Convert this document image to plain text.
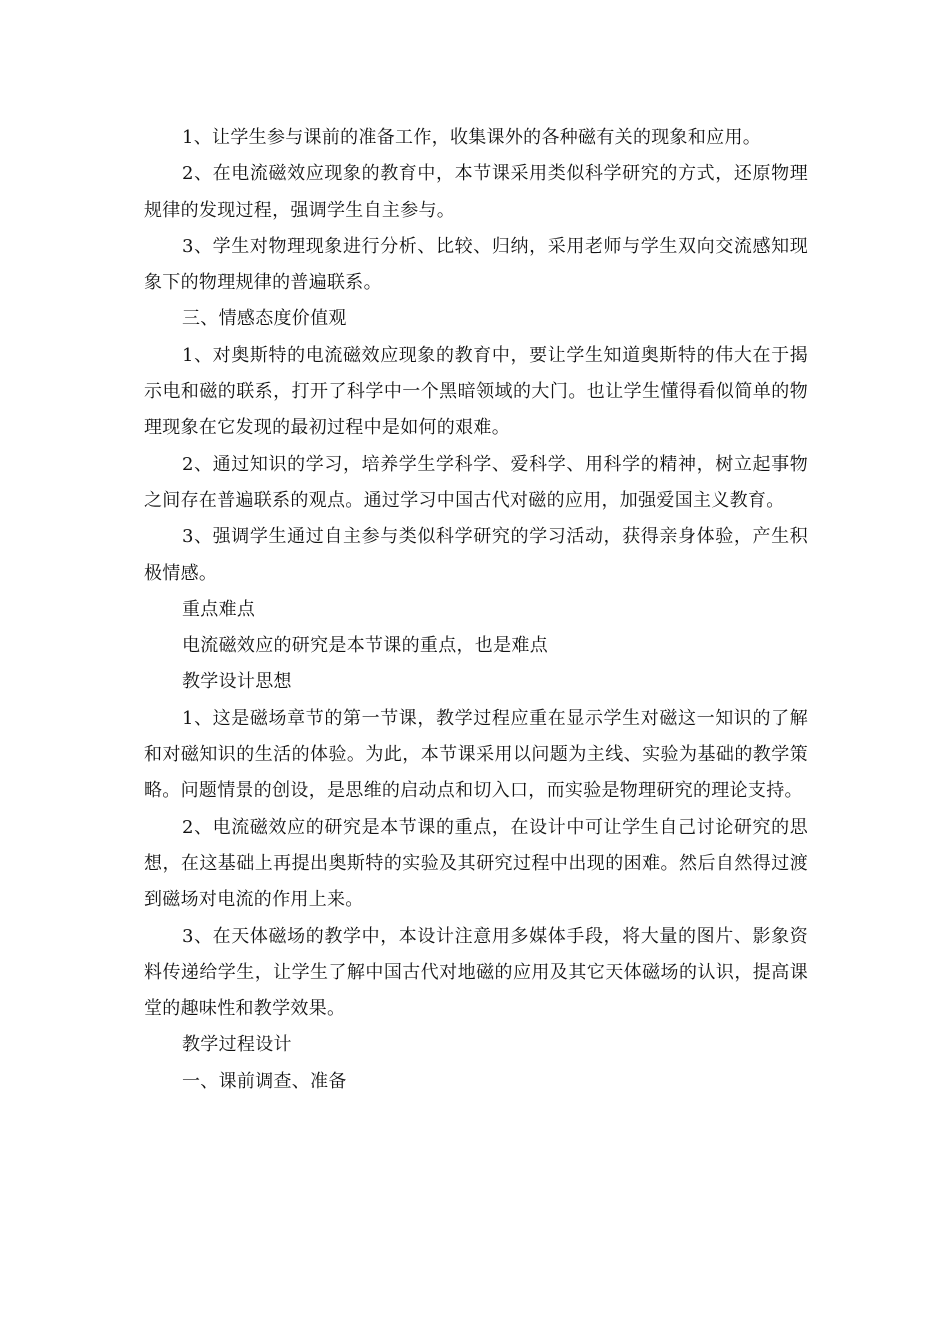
1、让学生参与课前的准备工作，收集课外的各种磁有关的现象和应用。

2、在电流磁效应现象的教育中，本节课采用类似科学研究的方式，还原物理规律的发现过程，强调学生自主参与。

3、学生对物理现象进行分析、比较、归纳，采用老师与学生双向交流感知现象下的物理规律的普遍联系。

三、情感态度价值观

1、对奥斯特的电流磁效应现象的教育中，要让学生知道奥斯特的伟大在于揭示电和磁的联系，打开了科学中一个黑暗领域的大门。也让学生懂得看似简单的物理现象在它发现的最初过程中是如何的艰难。

2、通过知识的学习，培养学生学科学、爱科学、用科学的精神，树立起事物之间存在普遍联系的观点。通过学习中国古代对磁的应用，加强爱国主义教育。

3、强调学生通过自主参与类似科学研究的学习活动，获得亲身体验，产生积极情感。

重点难点

电流磁效应的研究是本节课的重点，也是难点

教学设计思想

1、这是磁场章节的第一节课，教学过程应重在显示学生对磁这一知识的了解和对磁知识的生活的体验。为此，本节课采用以问题为主线、实验为基础的教学策略。问题情景的创设，是思维的启动点和切入口，而实验是物理研究的理论支持。

2、电流磁效应的研究是本节课的重点，在设计中可让学生自己讨论研究的思想，在这基础上再提出奥斯特的实验及其研究过程中出现的困难。然后自然得过渡到磁场对电流的作用上来。

3、在天体磁场的教学中，本设计注意用多媒体手段，将大量的图片、影象资料传递给学生，让学生了解中国古代对地磁的应用及其它天体磁场的认识，提高课堂的趣味性和教学效果。

教学过程设计

一、课前调查、准备
